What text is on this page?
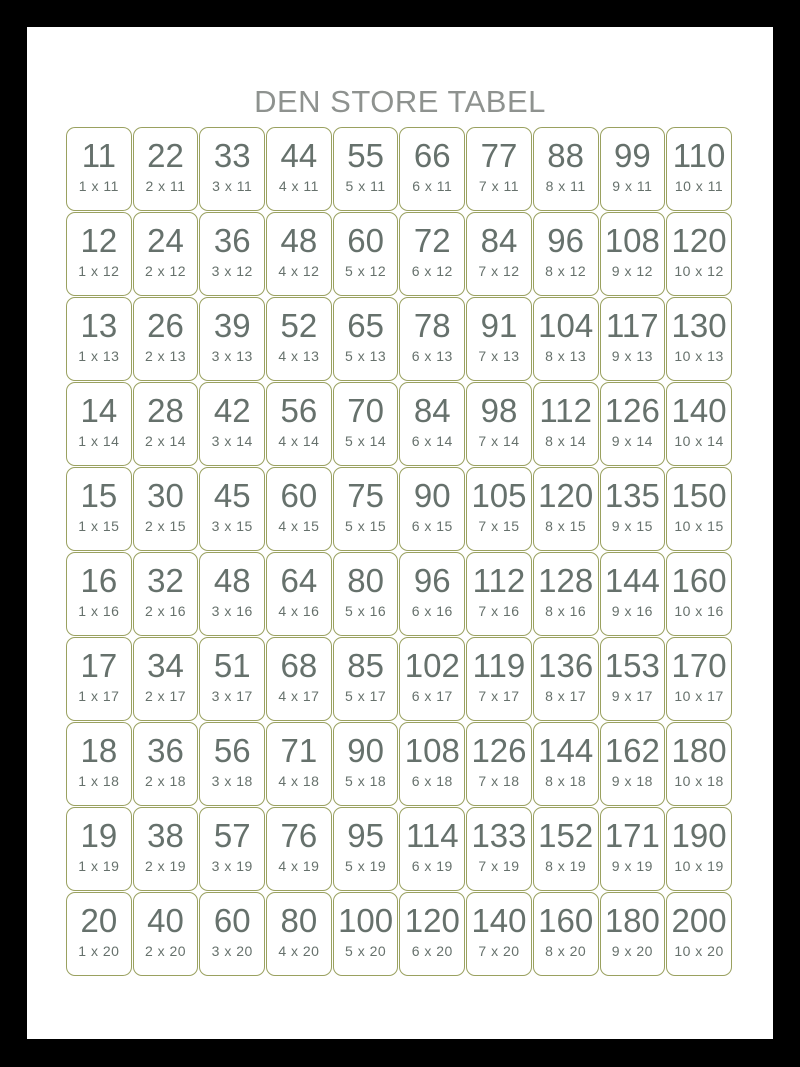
DEN STORE TABEL
11
1 x 11
22
2 x 11
33
3 x 11
44
4 x 11
55
5 x 11
66
6 x 11
77
7 x 11
88
8 x 11
99
9 x 11
110
10 x 11
12
1 x 12
24
2 x 12
36
3 x 12
48
4 x 12
60
5 x 12
72
6 x 12
84
7 x 12
96
8 x 12
108
9 x 12
120
10 x 12
13
1 x 13
26
2 x 13
39
3 x 13
52
4 x 13
65
5 x 13
78
6 x 13
91
7 x 13
104
8 x 13
117
9 x 13
130
10 x 13
14
1 x 14
28
2 x 14
42
3 x 14
56
4 x 14
70
5 x 14
84
6 x 14
98
7 x 14
112
8 x 14
126
9 x 14
140
10 x 14
15
1 x 15
30
2 x 15
45
3 x 15
60
4 x 15
75
5 x 15
90
6 x 15
105
7 x 15
120
8 x 15
135
9 x 15
150
10 x 15
16
1 x 16
32
2 x 16
48
3 x 16
64
4 x 16
80
5 x 16
96
6 x 16
112
7 x 16
128
8 x 16
144
9 x 16
160
10 x 16
17
1 x 17
34
2 x 17
51
3 x 17
68
4 x 17
85
5 x 17
102
6 x 17
119
7 x 17
136
8 x 17
153
9 x 17
170
10 x 17
18
1 x 18
36
2 x 18
56
3 x 18
71
4 x 18
90
5 x 18
108
6 x 18
126
7 x 18
144
8 x 18
162
9 x 18
180
10 x 18
19
1 x 19
38
2 x 19
57
3 x 19
76
4 x 19
95
5 x 19
114
6 x 19
133
7 x 19
152
8 x 19
171
9 x 19
190
10 x 19
20
1 x 20
40
2 x 20
60
3 x 20
80
4 x 20
100
5 x 20
120
6 x 20
140
7 x 20
160
8 x 20
180
9 x 20
200
10 x 20
